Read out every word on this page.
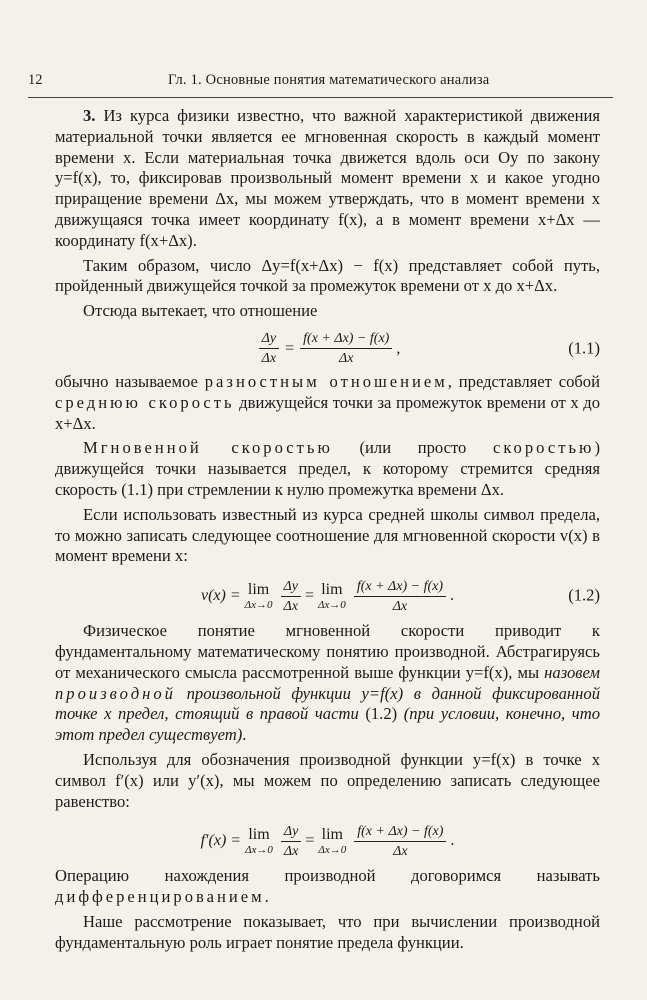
12	Гл. 1. Основные понятия математического анализа

3. Из курса физики известно, что важной характеристикой движения материальной точки является ее мгновенная скорость в каждый момент времени x. Если материальная точка движется вдоль оси Oy по закону y=f(x), то, фиксировав произвольный момент времени x и какое угодно приращение времени Δx, мы можем утверждать, что в момент времени x движущаяся точка имеет координату f(x), а в момент времени x+Δx — координату f(x+Δx).

Таким образом, число Δy=f(x+Δx) − f(x) представляет собой путь, пройденный движущейся точкой за промежуток времени от x до x+Δx.

Отсюда вытекает, что отношение

$\frac{\Delta y}{\Delta x} = \frac{f(x + \Delta x) - f(x)}{\Delta x}$ ,	(1.1)

обычно называемое разностным отношением, представляет собой среднюю скорость движущейся точки за промежуток времени от x до x+Δx.

Мгновенной скоростью (или просто скоростью) движущейся точки называется предел, к которому стремится средняя скорость (1.1) при стремлении к нулю промежутка времени Δx.

Если использовать известный из курса средней школы символ предела, то можно записать следующее соотношение для мгновенной скорости v(x) в момент времени x:

v(x) = lim
$\Delta x\to 0 \frac{\Delta y}{\Delta x} = \lim$
$\Delta x\to 0 \frac{f(x + \Delta x) - f(x)}{\Delta x}$ .	(1.2)

Физическое понятие мгновенной скорости приводит к фундаментальному математическому понятию производной. Абстрагируясь от механического смысла рассмотренной выше функции y=f(x), мы назовем производной произвольной функции y=f(x) в данной фиксированной точке x предел, стоящий в правой части (1.2) (при условии, конечно, что этот предел существует).

Используя для обозначения производной функции y=f(x) в точке x символ f′(x) или y′(x), мы можем по определению записать следующее равенство:

f′(x) = lim
$\Delta x\to 0 \frac{\Delta y}{\Delta x} = \lim$
$\Delta x\to 0 \frac{f(x + \Delta x) - f(x)}{\Delta x}$ .

Операцию нахождения производной договоримся называть дифференцированием.

Наше рассмотрение показывает, что при вычислении производной фундаментальную роль играет понятие предела функции.
